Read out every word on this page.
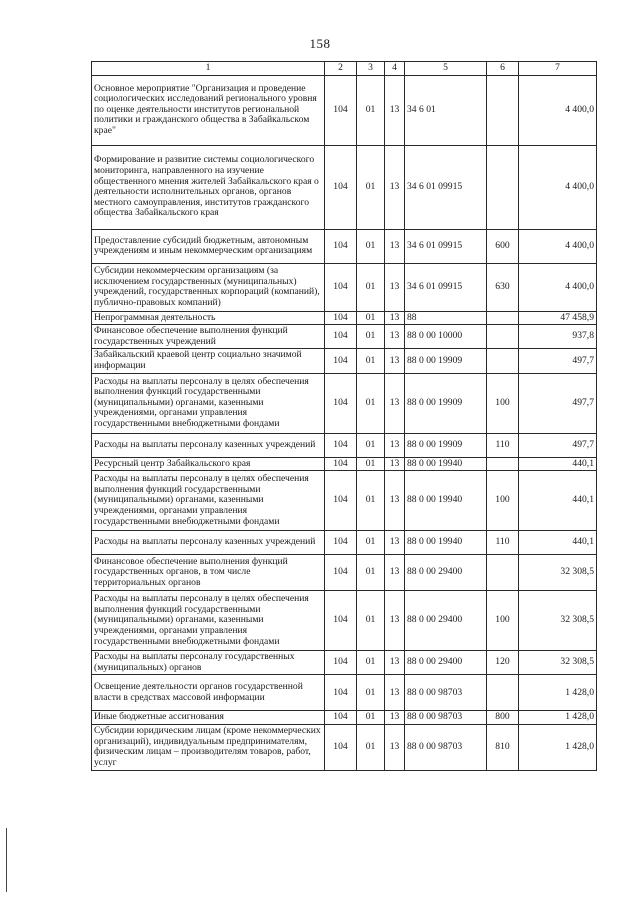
158
1	2	3	4	5	6	7
Основное мероприятие "Организация и проведение социологических исследований регионального уровня по оценке деятельности институтов региональной политики и гражданского общества в Забайкальском крае"	104	01	13	34 6 01		4 400,0
Формирование и развитие системы социологического мониторинга, направленного на изучение общественного мнения жителей Забайкальского края о деятельности исполнительных органов, органов местного самоуправления, институтов гражданского общества Забайкальского края	104	01	13	34 6 01 09915		4 400,0
Предоставление субсидий бюджетным, автономным учреждениям и иным некоммерческим организациям	104	01	13	34 6 01 09915	600	4 400,0
Субсидии некоммерческим организациям (за исключением государственных (муниципальных) учреждений, государственных корпораций (компаний), публично-правовых компаний)	104	01	13	34 6 01 09915	630	4 400,0
Непрограммная деятельность	104	01	13	88		47 458,9
Финансовое обеспечение выполнения функций государственных учреждений	104	01	13	88 0 00 10000		937,8
Забайкальский краевой центр социально значимой информации	104	01	13	88 0 00 19909		497,7
Расходы на выплаты персоналу в целях обеспечения выполнения функций государственными (муниципальными) органами, казенными учреждениями, органами управления государственными внебюджетными фондами	104	01	13	88 0 00 19909	100	497,7
Расходы на выплаты персоналу казенных учреждений	104	01	13	88 0 00 19909	110	497,7
Ресурсный центр Забайкальского края	104	01	13	88 0 00 19940		440,1
Расходы на выплаты персоналу в целях обеспечения выполнения функций государственными (муниципальными) органами, казенными учреждениями, органами управления государственными внебюджетными фондами	104	01	13	88 0 00 19940	100	440,1
Расходы на выплаты персоналу казенных учреждений	104	01	13	88 0 00 19940	110	440,1
Финансовое обеспечение выполнения функций государственных органов, в том числе территориальных органов	104	01	13	88 0 00 29400		32 308,5
Расходы на выплаты персоналу в целях обеспечения выполнения функций государственными (муниципальными) органами, казенными учреждениями, органами управления государственными внебюджетными фондами	104	01	13	88 0 00 29400	100	32 308,5
Расходы на выплаты персоналу государственных (муниципальных) органов	104	01	13	88 0 00 29400	120	32 308,5
Освещение деятельности органов государственной власти в средствах массовой информации	104	01	13	88 0 00 98703		1 428,0
Иные бюджетные ассигнования	104	01	13	88 0 00 98703	800	1 428,0
Субсидии юридическим лицам (кроме некоммерческих организаций), индивидуальным предпринимателям, физическим лицам – производителям товаров, работ, услуг	104	01	13	88 0 00 98703	810	1 428,0
